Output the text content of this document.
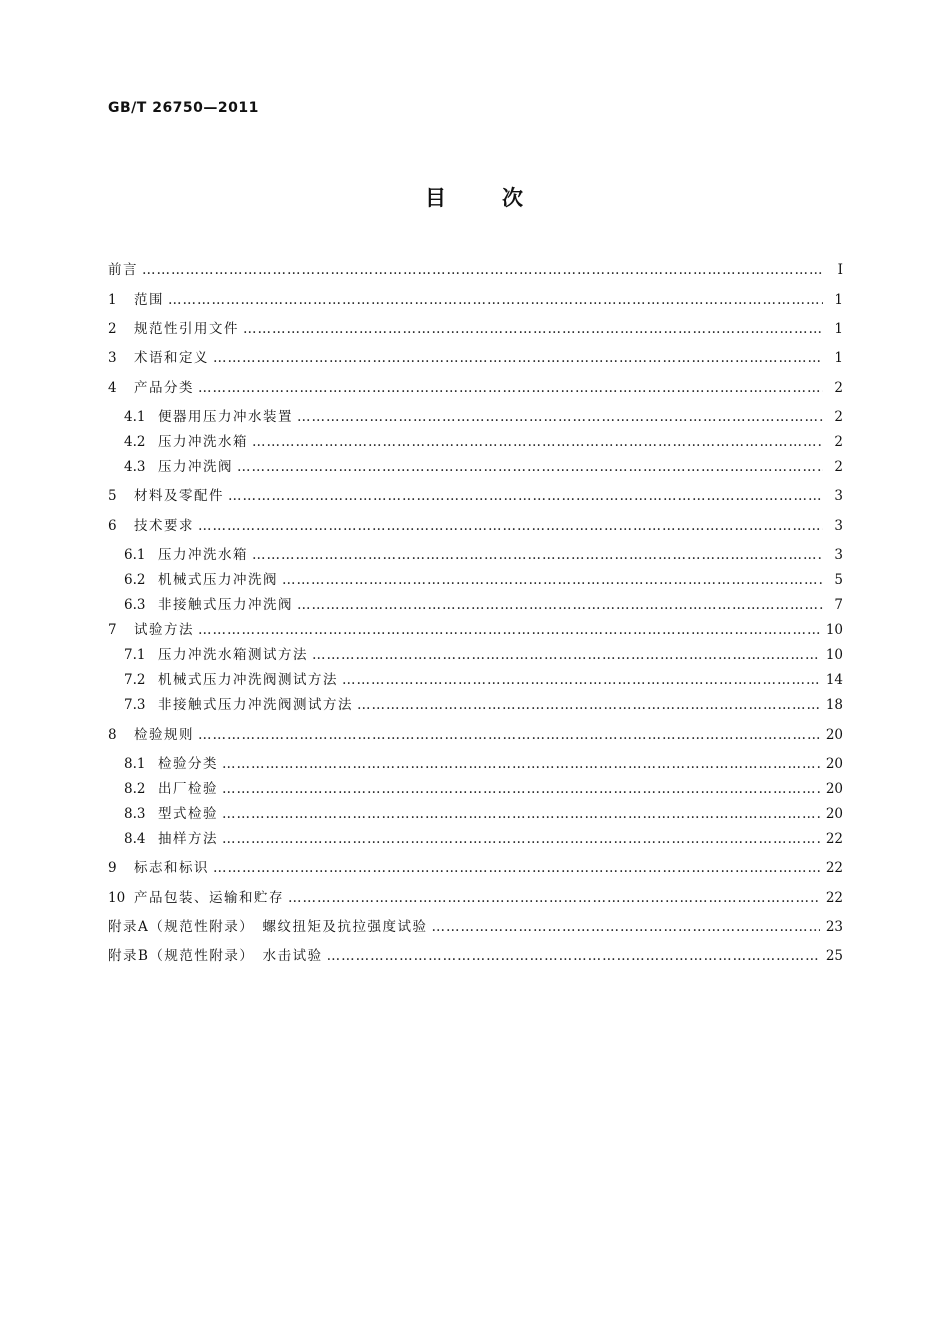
GB/T 26750—2011
目	次
前言 …………………………………………………………………………………………………………………………………………………………………………………………………………………………………………………	Ⅰ
1	范围 …………………………………………………………………………………………………………………………………………………………………………………………………………………………………………………	1
2	规范性引用文件 …………………………………………………………………………………………………………………………………………………………………………………………………………………………………………………	1
3	术语和定义 …………………………………………………………………………………………………………………………………………………………………………………………………………………………………………………	1
4	产品分类 …………………………………………………………………………………………………………………………………………………………………………………………………………………………………………………	2
4.1 便器用压力冲水装置 …………………………………………………………………………………………………………………………………………………………………………………………………………………………………………………	2
4.2 压力冲洗水箱 …………………………………………………………………………………………………………………………………………………………………………………………………………………………………………………	2
4.3 压力冲洗阀 …………………………………………………………………………………………………………………………………………………………………………………………………………………………………………………	2
5	材料及零配件 …………………………………………………………………………………………………………………………………………………………………………………………………………………………………………………	3
6	技术要求 …………………………………………………………………………………………………………………………………………………………………………………………………………………………………………………	3
6.1 压力冲洗水箱 …………………………………………………………………………………………………………………………………………………………………………………………………………………………………………………	3
6.2 机械式压力冲洗阀 …………………………………………………………………………………………………………………………………………………………………………………………………………………………………………………	5
6.3 非接触式压力冲洗阀 …………………………………………………………………………………………………………………………………………………………………………………………………………………………………………………	7
7	试验方法 …………………………………………………………………………………………………………………………………………………………………………………………………………………………………………………	10
7.1 压力冲洗水箱测试方法 …………………………………………………………………………………………………………………………………………………………………………………………………………………………………………………	10
7.2 机械式压力冲洗阀测试方法 …………………………………………………………………………………………………………………………………………………………………………………………………………………………………………………	14
7.3 非接触式压力冲洗阀测试方法 …………………………………………………………………………………………………………………………………………………………………………………………………………………………………………………	18
8	检验规则 …………………………………………………………………………………………………………………………………………………………………………………………………………………………………………………	20
8.1 检验分类 …………………………………………………………………………………………………………………………………………………………………………………………………………………………………………………	20
8.2 出厂检验 …………………………………………………………………………………………………………………………………………………………………………………………………………………………………………………	20
8.3 型式检验 …………………………………………………………………………………………………………………………………………………………………………………………………………………………………………………	20
8.4 抽样方法 …………………………………………………………………………………………………………………………………………………………………………………………………………………………………………………	22
9	标志和标识 …………………………………………………………………………………………………………………………………………………………………………………………………………………………………………………	22
10 产品包装、运输和贮存 …………………………………………………………………………………………………………………………………………………………………………………………………………………………………………………	22
附录A（规范性附录）　螺纹扭矩及抗拉强度试验 …………………………………………………………………………………………………………………………………………………………………………………………………………………………………………………	23
附录B（规范性附录）　水击试验 …………………………………………………………………………………………………………………………………………………………………………………………………………………………………………………	25
